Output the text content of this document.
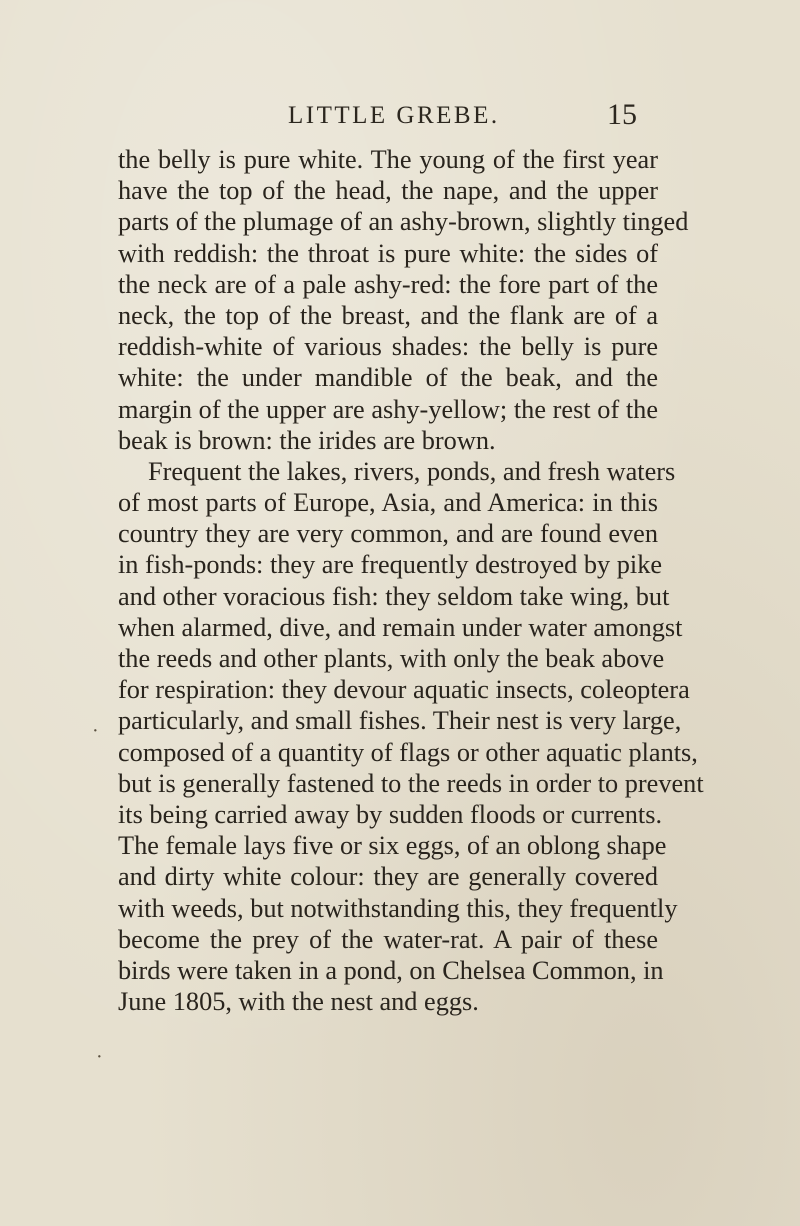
LITTLE GREBE.	15
the belly is pure white. The young of the first year
have the top of the head, the nape, and the upper
parts of the plumage of an ashy-brown, slightly tinged
with reddish: the throat is pure white: the sides of
the neck are of a pale ashy-red: the fore part of the
neck, the top of the breast, and the flank are of a
reddish-white of various shades: the belly is pure
white: the under mandible of the beak, and the
margin of the upper are ashy-yellow; the rest of the
beak is brown: the irides are brown.
Frequent the lakes, rivers, ponds, and fresh waters
of most parts of Europe, Asia, and America: in this
country they are very common, and are found even
in fish-ponds: they are frequently destroyed by pike
and other voracious fish: they seldom take wing, but
when alarmed, dive, and remain under water amongst
the reeds and other plants, with only the beak above
for respiration: they devour aquatic insects, coleoptera
particularly, and small fishes. Their nest is very large,
composed of a quantity of flags or other aquatic plants,
but is generally fastened to the reeds in order to prevent
its being carried away by sudden floods or currents.
The female lays five or six eggs, of an oblong shape
and dirty white colour: they are generally covered
with weeds, but notwithstanding this, they frequently
become the prey of the water-rat. A pair of these
birds were taken in a pond, on Chelsea Common, in
June 1805, with the nest and eggs.
·
·
